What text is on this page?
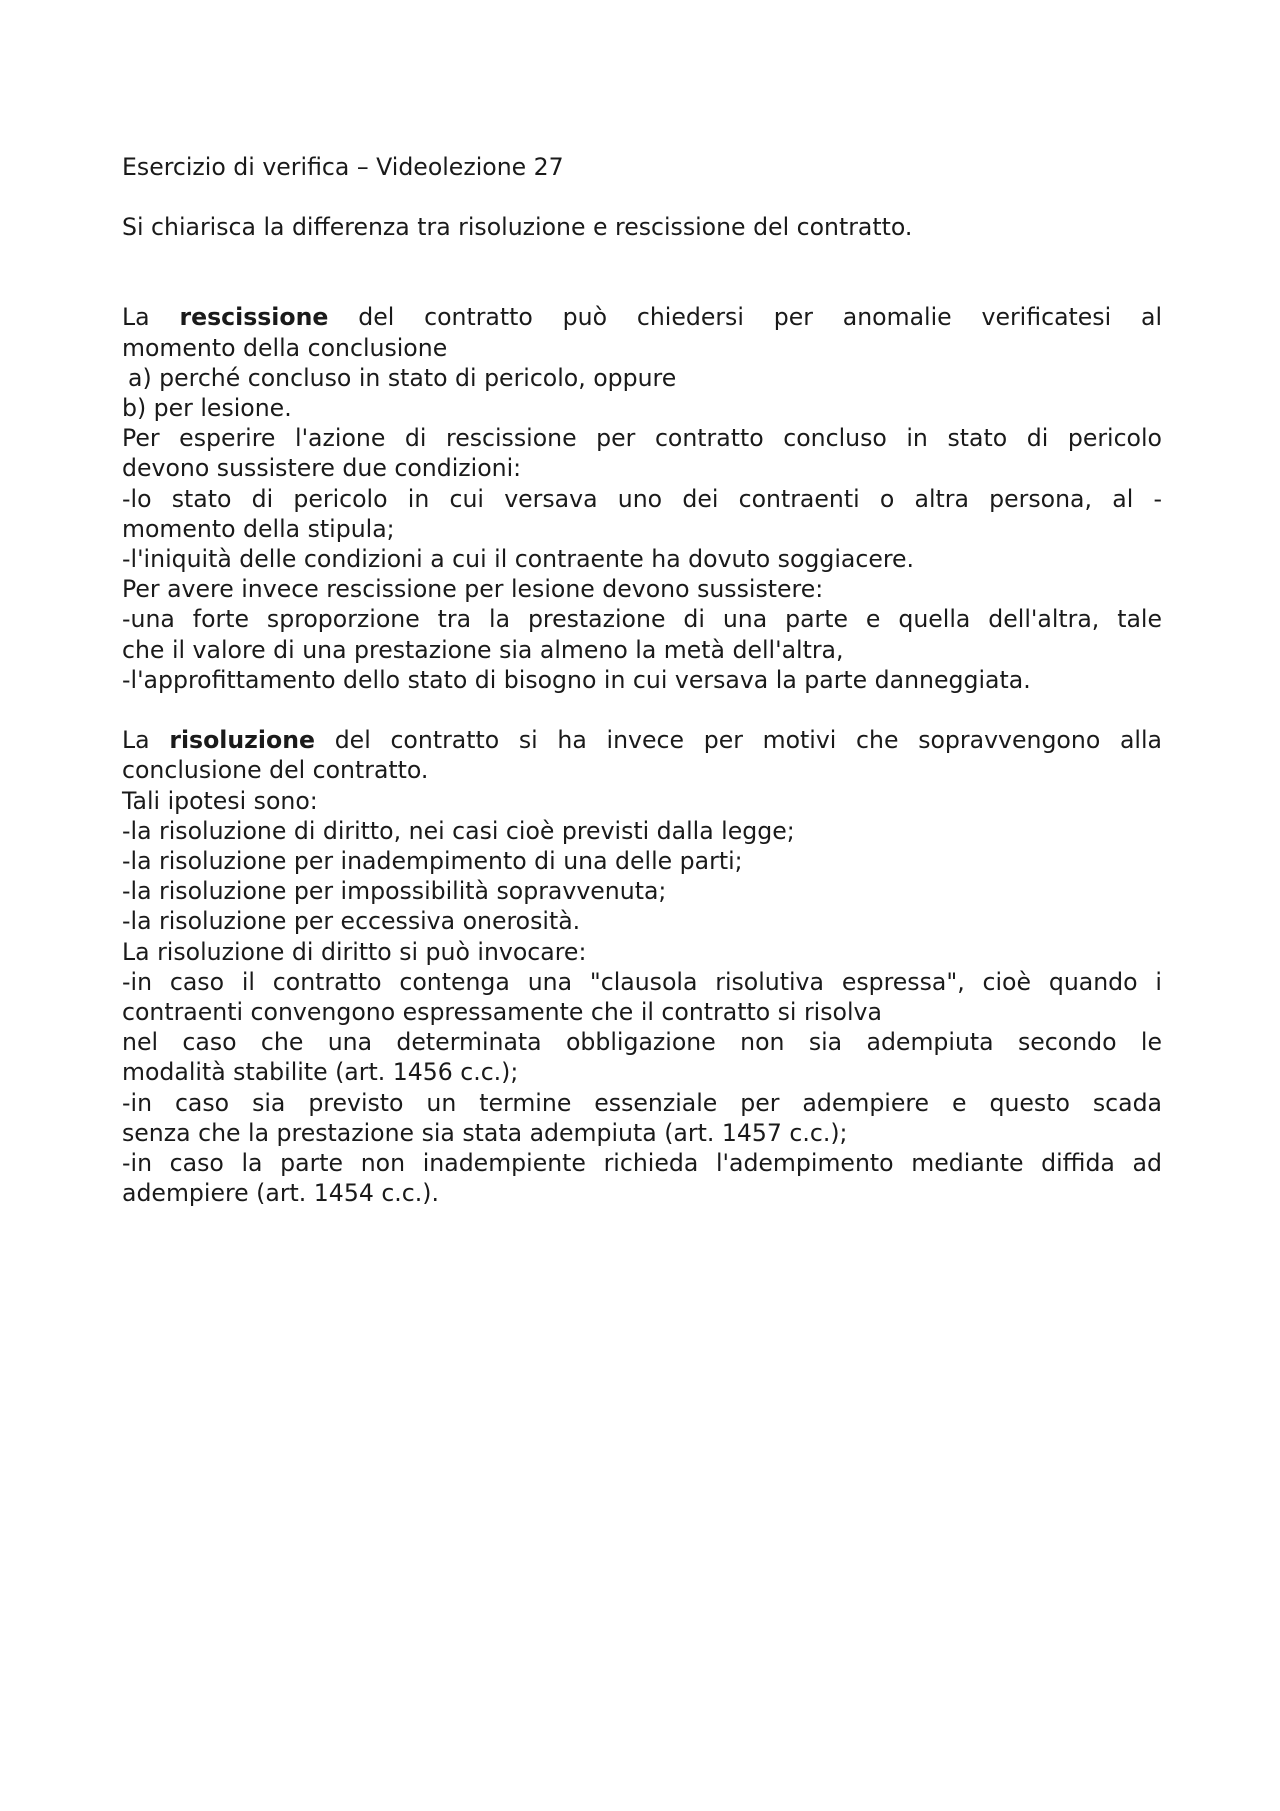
Esercizio di verifica – Videolezione 27

Si chiarisca la differenza tra risoluzione e rescissione del contratto.

La rescissione del contratto può chiedersi per anomalie verificatesi al

momento della conclusione

a) perché concluso in stato di pericolo, oppure

b) per lesione.

Per esperire l'azione di rescissione per contratto concluso in stato di pericolo

devono sussistere due condizioni:

-lo stato di pericolo in cui versava uno dei contraenti o altra persona, al -

momento della stipula;

-l'iniquità delle condizioni a cui il contraente ha dovuto soggiacere.

Per avere invece rescissione per lesione devono sussistere:

-una forte sproporzione tra la prestazione di una parte e quella dell'altra, tale

che il valore di una prestazione sia almeno la metà dell'altra,

-l'approfittamento dello stato di bisogno in cui versava la parte danneggiata.

La risoluzione del contratto si ha invece per motivi che sopravvengono alla

conclusione del contratto.

Tali ipotesi sono:

-la risoluzione di diritto, nei casi cioè previsti dalla legge;

-la risoluzione per inadempimento di una delle parti;

-la risoluzione per impossibilità sopravvenuta;

-la risoluzione per eccessiva onerosità.

La risoluzione di diritto si può invocare:

-in caso il contratto contenga una "clausola risolutiva espressa", cioè quando i

contraenti convengono espressamente che il contratto si risolva

nel caso che una determinata obbligazione non sia adempiuta secondo le

modalità stabilite (art. 1456 c.c.);

-in caso sia previsto un termine essenziale per adempiere e questo scada

senza che la prestazione sia stata adempiuta (art. 1457 c.c.);

-in caso la parte non inadempiente richieda l'adempimento mediante diffida ad

adempiere (art. 1454 c.c.).
